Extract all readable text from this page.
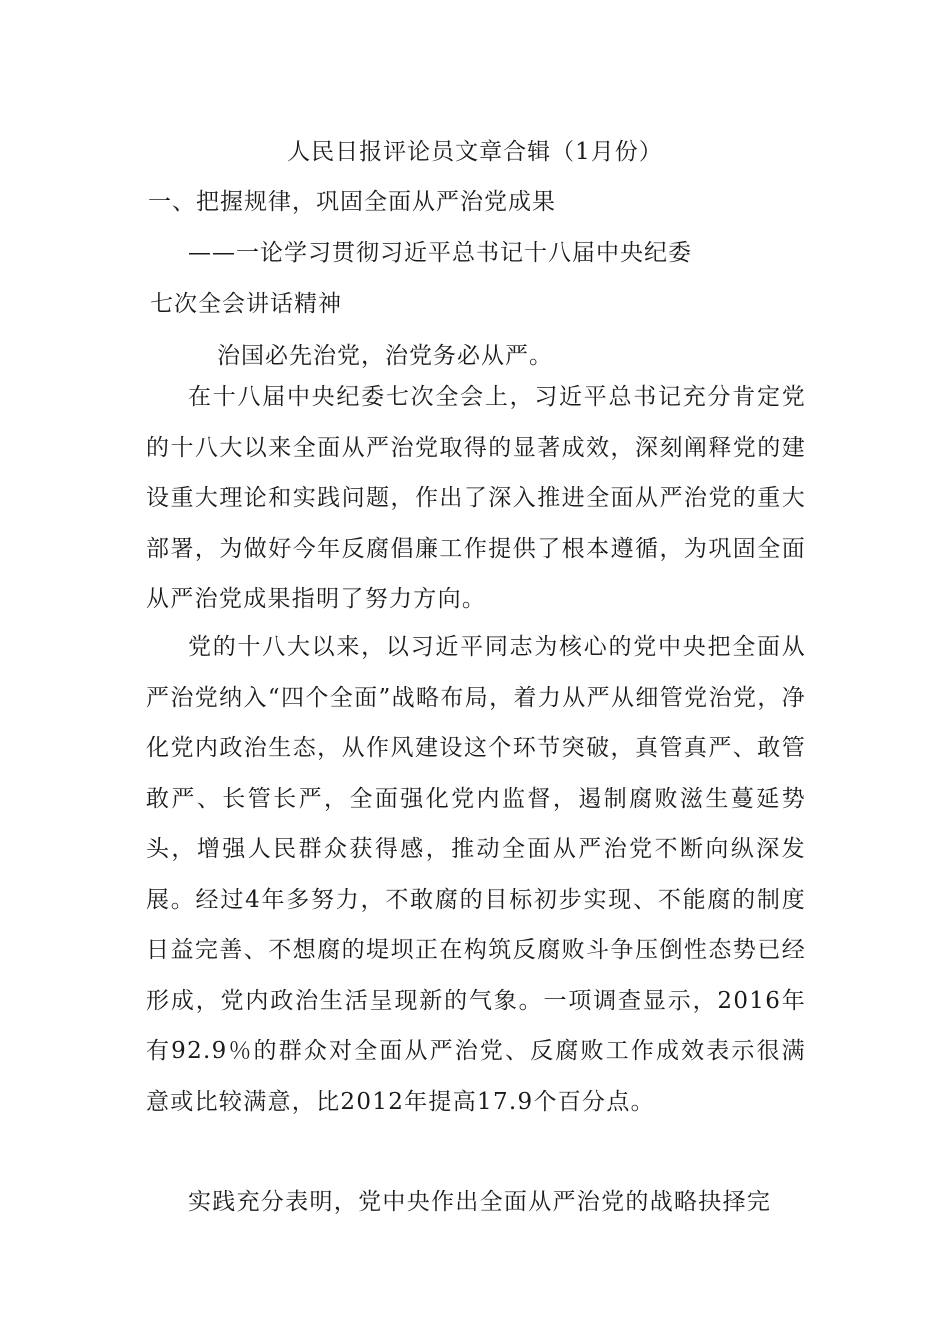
人民日报评论员文章合辑（1月份）
一、把握规律，巩固全面从严治党成果
——一论学习贯彻习近平总书记十八届中央纪委
七次全会讲话精神
治国必先治党，治党务必从严。

在十八届中央纪委七次全会上，习近平总书记充分肯定党的十八大以来全面从严治党取得的显著成效，深刻阐释党的建设重大理论和实践问题，作出了深入推进全面从严治党的重大部署，为做好今年反腐倡廉工作提供了根本遵循，为巩固全面从严治党成果指明了努力方向。

党的十八大以来，以习近平同志为核心的党中央把全面从严治党纳入“四个全面”战略布局，着力从严从细管党治党，净化党内政治生态，从作风建设这个环节突破，真管真严、敢管敢严、长管长严，全面强化党内监督，遏制腐败滋生蔓延势头，增强人民群众获得感，推动全面从严治党不断向纵深发展。经过4年多努力，不敢腐的目标初步实现、不能腐的制度日益完善、不想腐的堤坝正在构筑反腐败斗争压倒性态势已经形成，党内政治生活呈现新的气象。一项调查显示，2016年有92.9％的群众对全面从严治党、反腐败工作成效表示很满意或比较满意，比2012年提高17.9个百分点。

实践充分表明，党中央作出全面从严治党的战略抉择完
